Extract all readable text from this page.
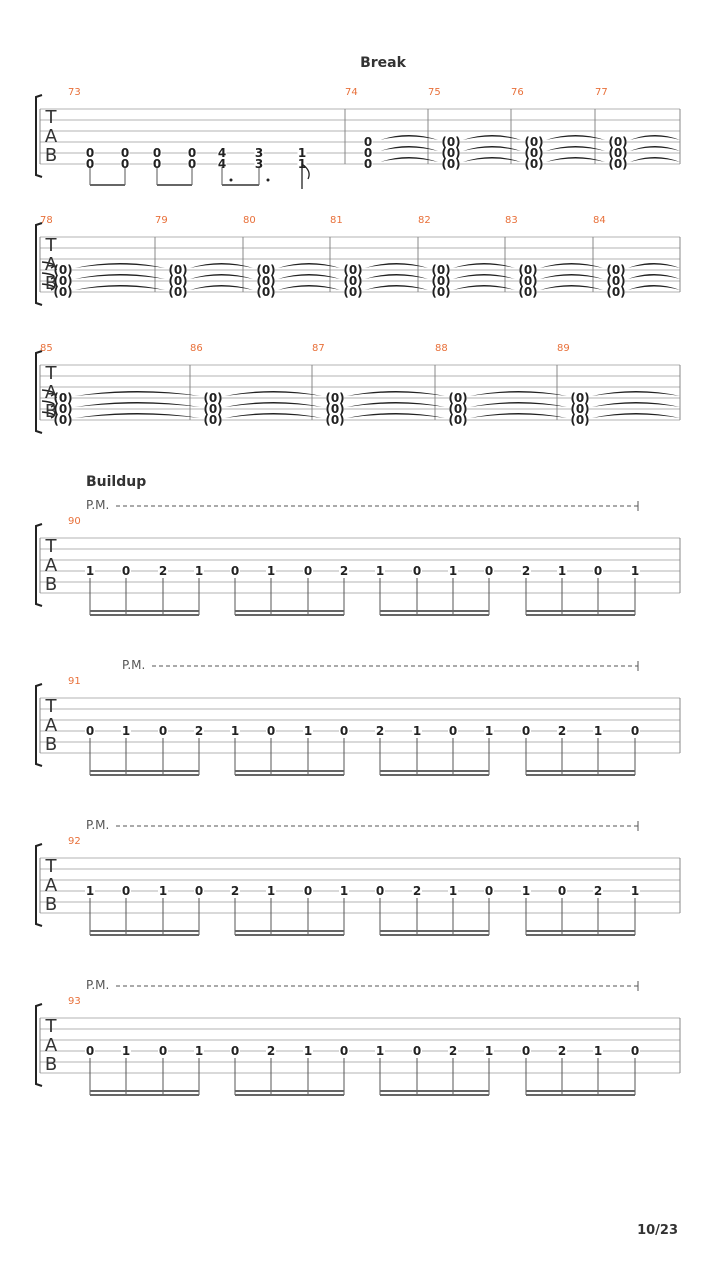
T
A
B
73
0
0
0
0
0
0
0
0
4
4
3
3
1
1
74
0
0
0
75
(0)
(0)
(0)
76
(0)
(0)
(0)
77
(0)
(0)
(0)
T
A
B
78
(0)
(0)
(0)
79
(0)
(0)
(0)
80
(0)
(0)
(0)
81
(0)
(0)
(0)
82
(0)
(0)
(0)
83
(0)
(0)
(0)
84
(0)
(0)
(0)
T
A
B
85
(0)
(0)
(0)
86
(0)
(0)
(0)
87
(0)
(0)
(0)
88
(0)
(0)
(0)
89
(0)
(0)
(0)
T
A
B
90
1 0 2 1 0 1 0 2 1 0 1 0 2 1 0 1
P.M.
T
A
B
91
0 1 0 2 1 0 1 0 2 1 0 1 0 2 1 0
P.M.
T
A
B
92
1 0 1 0 2 1 0 1 0 2 1 0 1 0 2 1
P.M.
T
A
B
93
0 1 0 1 0 2 1 0 1 0 2 1 0 2 1 0
P.M.
Break
Buildup
10/23
